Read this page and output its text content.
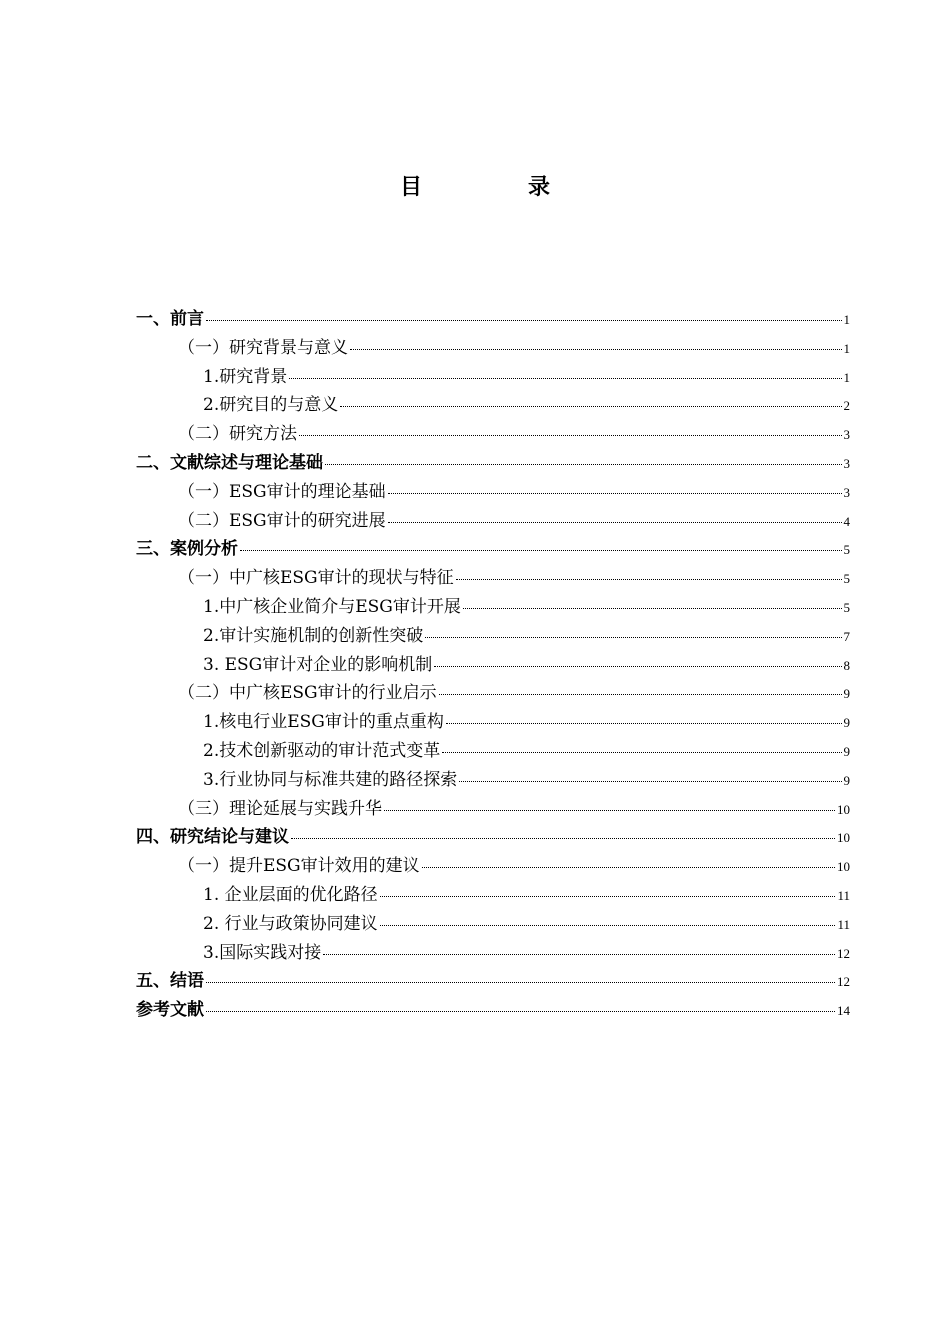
目　录
一、前言	1
（一）研究背景与意义	1
1.研究背景	1
2.研究目的与意义	2
（二）研究方法	3
二、文献综述与理论基础	3
（一）ESG审计的理论基础	3
（二）ESG审计的研究进展	4
三、案例分析	5
（一）中广核ESG审计的现状与特征	5
1.中广核企业简介与ESG审计开展	5
2.审计实施机制的创新性突破	7
3. ESG审计对企业的影响机制	8
（二）中广核ESG审计的行业启示	9
1.核电行业ESG审计的重点重构	9
2.技术创新驱动的审计范式变革	9
3.行业协同与标准共建的路径探索	9
（三）理论延展与实践升华	10
四、研究结论与建议	10
（一）提升ESG审计效用的建议	10
1. 企业层面的优化路径	11
2. 行业与政策协同建议	11
3.国际实践对接	12
五、结语	12
参考文献	14
